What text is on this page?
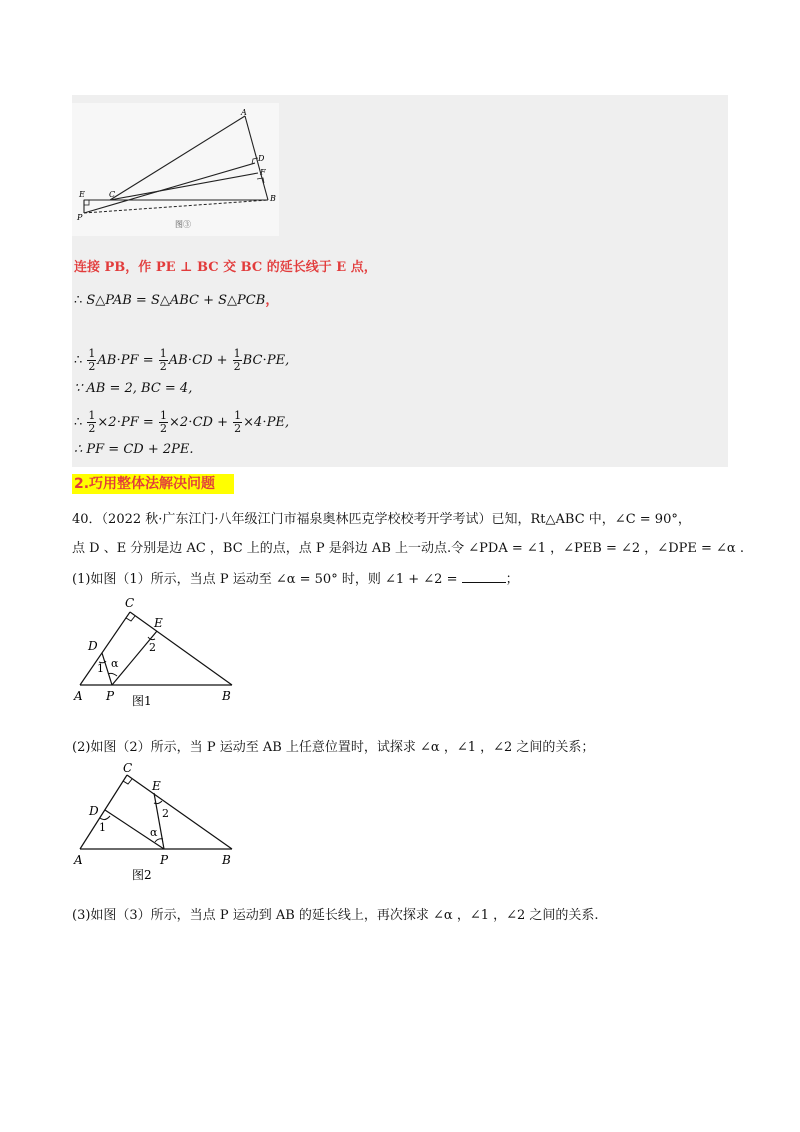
A
B
C
D
E
F
P
图③
连接 PB，作 PE ⊥ BC 交 BC 的延长线于 E 点，
∴ S△PAB = S△ABC + S△PCB，
∴ $\frac{1}{2} AB\cdot PF = \frac{1}{2} AB\cdot CD + \frac{1}{2} BC\cdot PE$,
∵ AB = 2, BC = 4,
∴ $\frac{1}{2} \times 2\cdot PF = \frac{1}{2} \times 2\cdot CD + \frac{1}{2} \times 4\cdot PE$,
∴ PF = CD + 2PE.
2.巧用整体法解决问题
40．（2022 秋·广东江门·八年级江门市福泉奥林匹克学校校考开学考试）已知，Rt△ABC 中，∠C = 90°，
点 D 、E 分别是边 AC ，BC 上的点，点 P 是斜边 AB 上一动点.令 ∠PDA = ∠1 ，∠PEB = ∠2 ，∠DPE = ∠α .
(1)如图（1）所示，当点 P 运动至 ∠α = 50° 时，则 ∠1 + ∠2 =	；
C
E
D
1 α
2
A P	B
图1
(2)如图（2）所示，当 P 运动至 AB 上任意位置时，试探求 ∠α ，∠1 ，∠2 之间的关系；
C
E
D
1
2
α
A	P	B
图2
(3)如图（3）所示，当点 P 运动到 AB 的延长线上，再次探求 ∠α ，∠1 ，∠2 之间的关系.
